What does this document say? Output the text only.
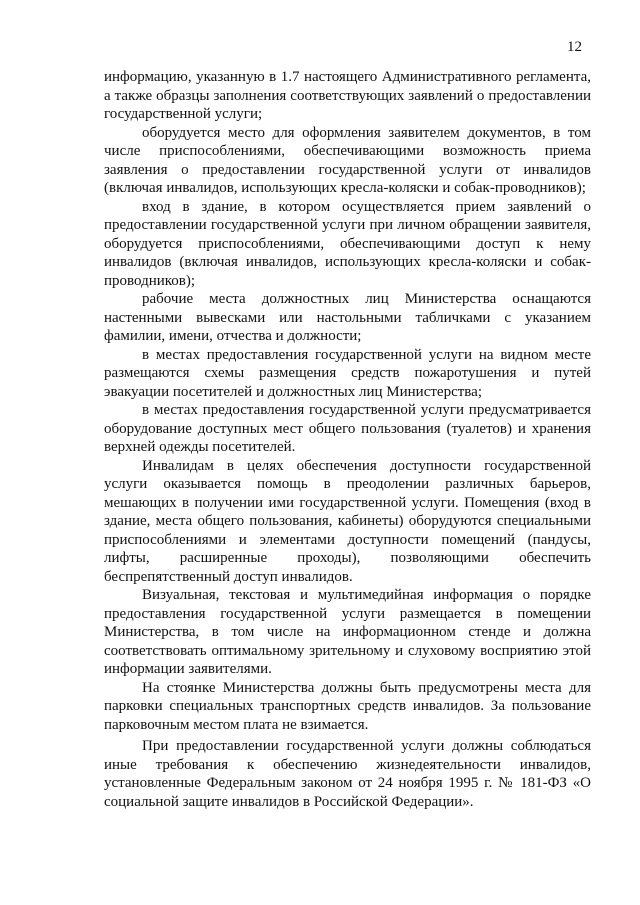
12

информацию, указанную в 1.7 настоящего Административного регламента, а также образцы заполнения соответствующих заявлений о предоставлении государственной услуги;

оборудуется место для оформления заявителем документов, в том числе приспособлениями, обеспечивающими возможность приема заявления о предоставлении государственной услуги от инвалидов (включая инвалидов, использующих кресла-коляски и собак-проводников);

вход в здание, в котором осуществляется прием заявлений о предоставлении государственной услуги при личном обращении заявителя, оборудуется приспособлениями, обеспечивающими доступ к нему инвалидов (включая инвалидов, использующих кресла-коляски и собак-проводников);

рабочие места должностных лиц Министерства оснащаются настенными вывесками или настольными табличками с указанием фамилии, имени, отчества и должности;

в местах предоставления государственной услуги на видном месте размещаются схемы размещения средств пожаротушения и путей эвакуации посетителей и должностных лиц Министерства;

в местах предоставления государственной услуги предусматривается оборудование доступных мест общего пользования (туалетов) и хранения верхней одежды посетителей.

Инвалидам в целях обеспечения доступности государственной услуги оказывается помощь в преодолении различных барьеров, мешающих в получении ими государственной услуги. Помещения (вход в здание, места общего пользования, кабинеты) оборудуются специальными приспособлениями и элементами доступности помещений (пандусы, лифты, расширенные проходы), позволяющими обеспечить беспрепятственный доступ инвалидов.

Визуальная, текстовая и мультимедийная информация о порядке предоставления государственной услуги размещается в помещении Министерства, в том числе на информационном стенде и должна соответствовать оптимальному зрительному и слуховому восприятию этой информации заявителями.

На стоянке Министерства должны быть предусмотрены места для парковки специальных транспортных средств инвалидов. За пользование парковочным местом плата не взимается.

При предоставлении государственной услуги должны соблюдаться иные требования к обеспечению жизнедеятельности инвалидов, установленные Федеральным законом от 24 ноября 1995 г. № 181-ФЗ «О социальной защите инвалидов в Российской Федерации».
